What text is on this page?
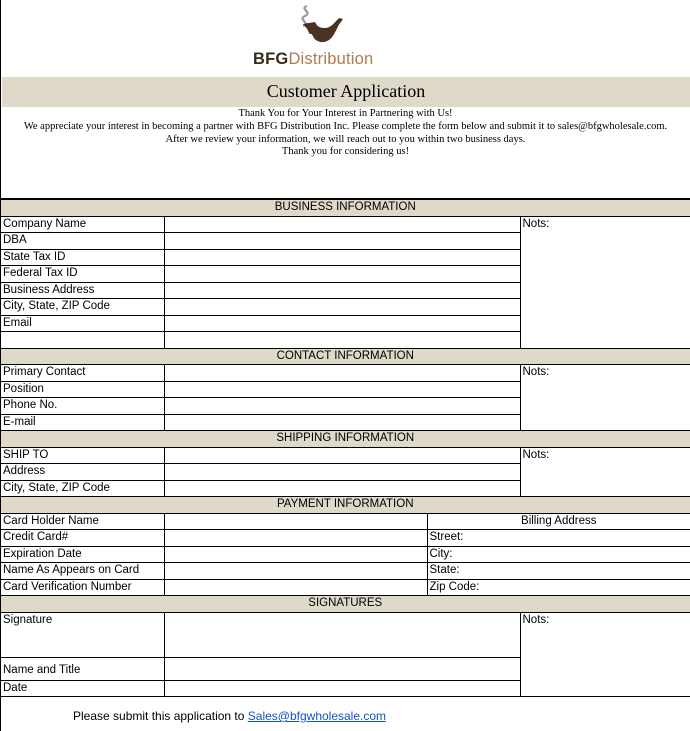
BFGDistribution
Customer Application
Thank You for Your Interest in Partnering with Us!
We appreciate your interest in becoming a partner with BFG Distribution Inc. Please complete the form below and submit it to sales@bfgwholesale.com.
After we review your information, we will reach out to you within two business days.
Thank you for considering us!
BUSINESS INFORMATION			
Company Name			Nots:
DBA			
State Tax ID			
Federal Tax ID			
Business Address			
City, State, ZIP Code			
Email			

CONTACT INFORMATION			
Primary Contact			Nots:
Position			
Phone No.			
E-mail			
SHIPPING INFORMATION			
SHIP TO			Nots:
Address			
City, State, ZIP Code			
PAYMENT INFORMATION			
Card Holder Name		Billing Address	
Credit Card#		Street:	
Expiration Date		City:	
Name As Appears on Card		State:	
Card Verification Number		Zip Code:	
SIGNATURES			
Signature			Nots:
Name and Title			
Date			
Please submit this application to Sales@bfgwholesale.com
